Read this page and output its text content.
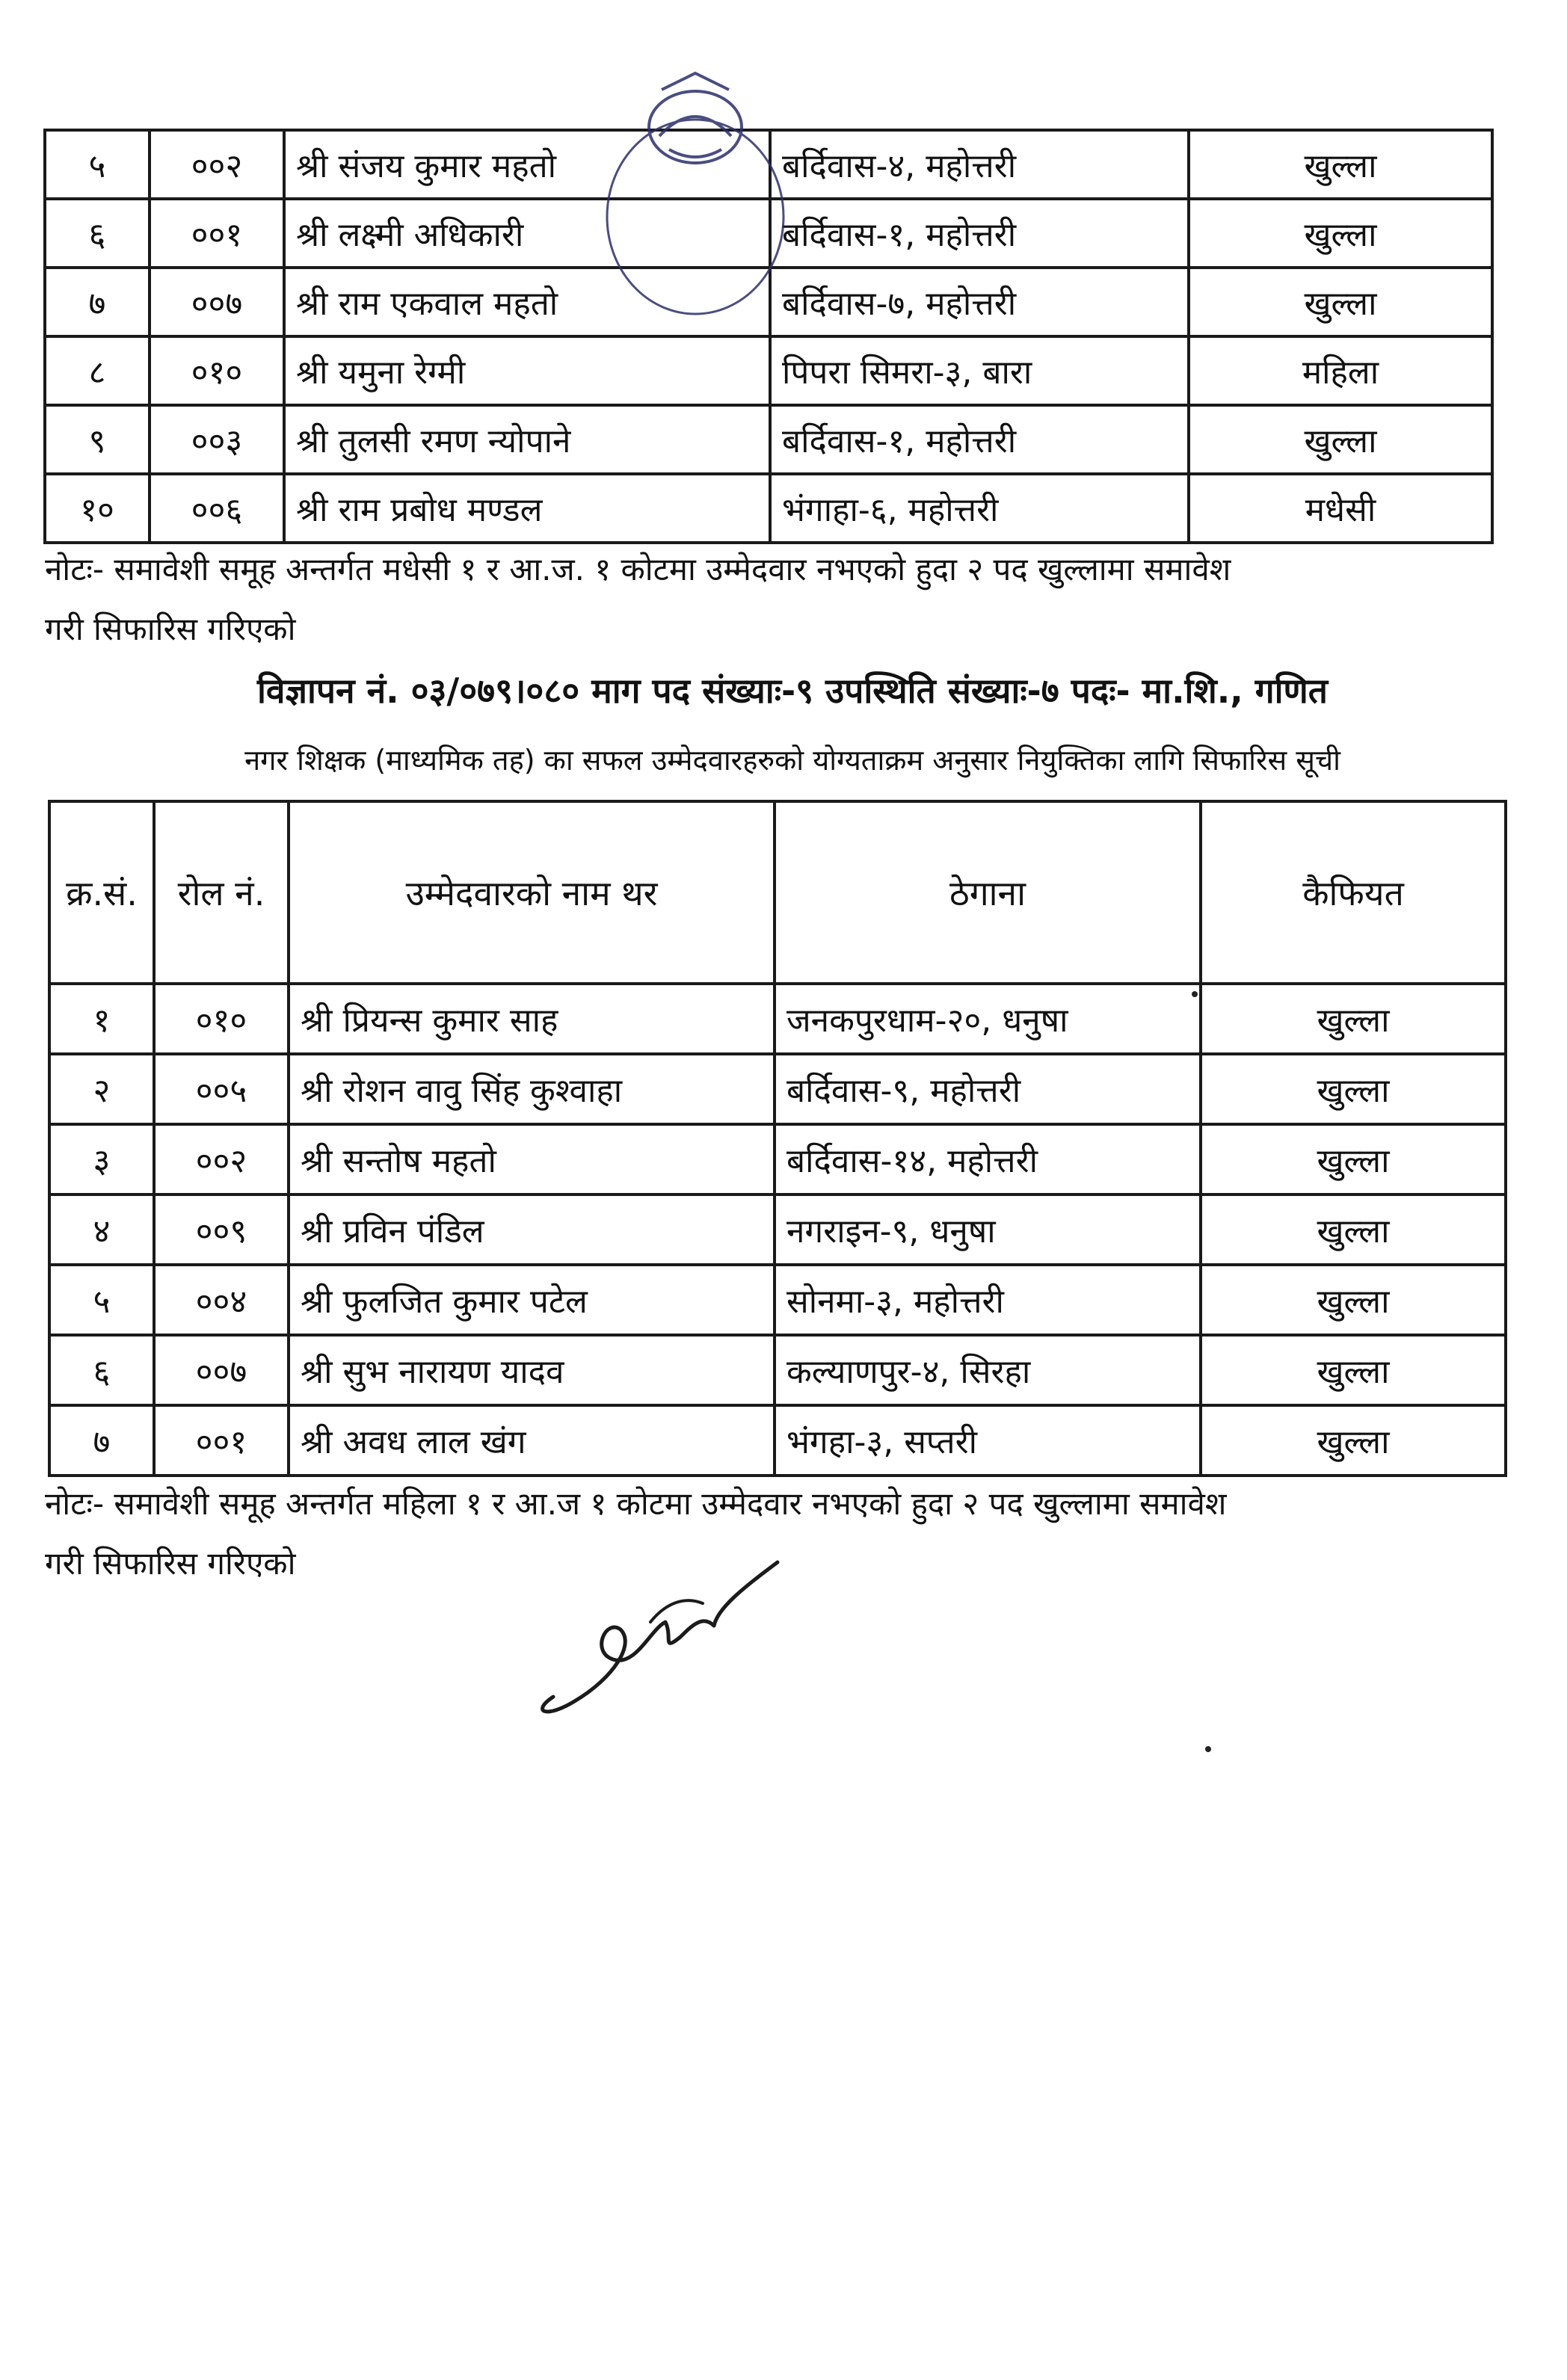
५	००२	श्री संजय कुमार महतो	बर्दिवास-४, महोत्तरी	खुल्ला
६	००१	श्री लक्ष्मी अधिकारी	बर्दिवास-१, महोत्तरी	खुल्ला
७	००७	श्री राम एकवाल महतो	बर्दिवास-७, महोत्तरी	खुल्ला
८	०१०	श्री यमुना रेग्मी	पिपरा सिमरा-३, बारा	महिला
९	००३	श्री तुलसी रमण न्योपाने	बर्दिवास-१, महोत्तरी	खुल्ला
१०	००६	श्री राम प्रबोध मण्डल	भंगाहा-६, महोत्तरी	मधेसी
नोटः- समावेशी समूह अन्तर्गत मधेसी १ र आ.ज. १ कोटमा उम्मेदवार नभएको हुदा २ पद खुल्लामा समावेश
गरी सिफारिस गरिएको
विज्ञापन नं. ०३/०७९।०८० माग पद संख्याः-९ उपस्थिति संख्याः-७ पदः- मा.शि., गणित
नगर शिक्षक (माध्यमिक तह) का सफल उम्मेदवारहरुको योग्यताक्रम अनुसार नियुक्तिका लागि सिफारिस सूची
क्र.सं.	रोल नं.	उम्मेदवारको नाम थर	ठेगाना	कैफियत
१	०१०	श्री प्रियन्स कुमार साह	जनकपुरधाम-२०, धनुषा	खुल्ला
२	००५	श्री रोशन वावु सिंह कुश्वाहा	बर्दिवास-९, महोत्तरी	खुल्ला
३	००२	श्री सन्तोष महतो	बर्दिवास-१४, महोत्तरी	खुल्ला
४	००९	श्री प्रविन पंडिल	नगराइन-९, धनुषा	खुल्ला
५	००४	श्री फुलजित कुमार पटेल	सोनमा-३, महोत्तरी	खुल्ला
६	००७	श्री सुभ नारायण यादव	कल्याणपुर-४, सिरहा	खुल्ला
७	००१	श्री अवध लाल खंग	भंगहा-३, सप्तरी	खुल्ला
नोटः- समावेशी समूह अन्तर्गत महिला १ र आ.ज १ कोटमा उम्मेदवार नभएको हुदा २ पद खुल्लामा समावेश
गरी सिफारिस गरिएको
